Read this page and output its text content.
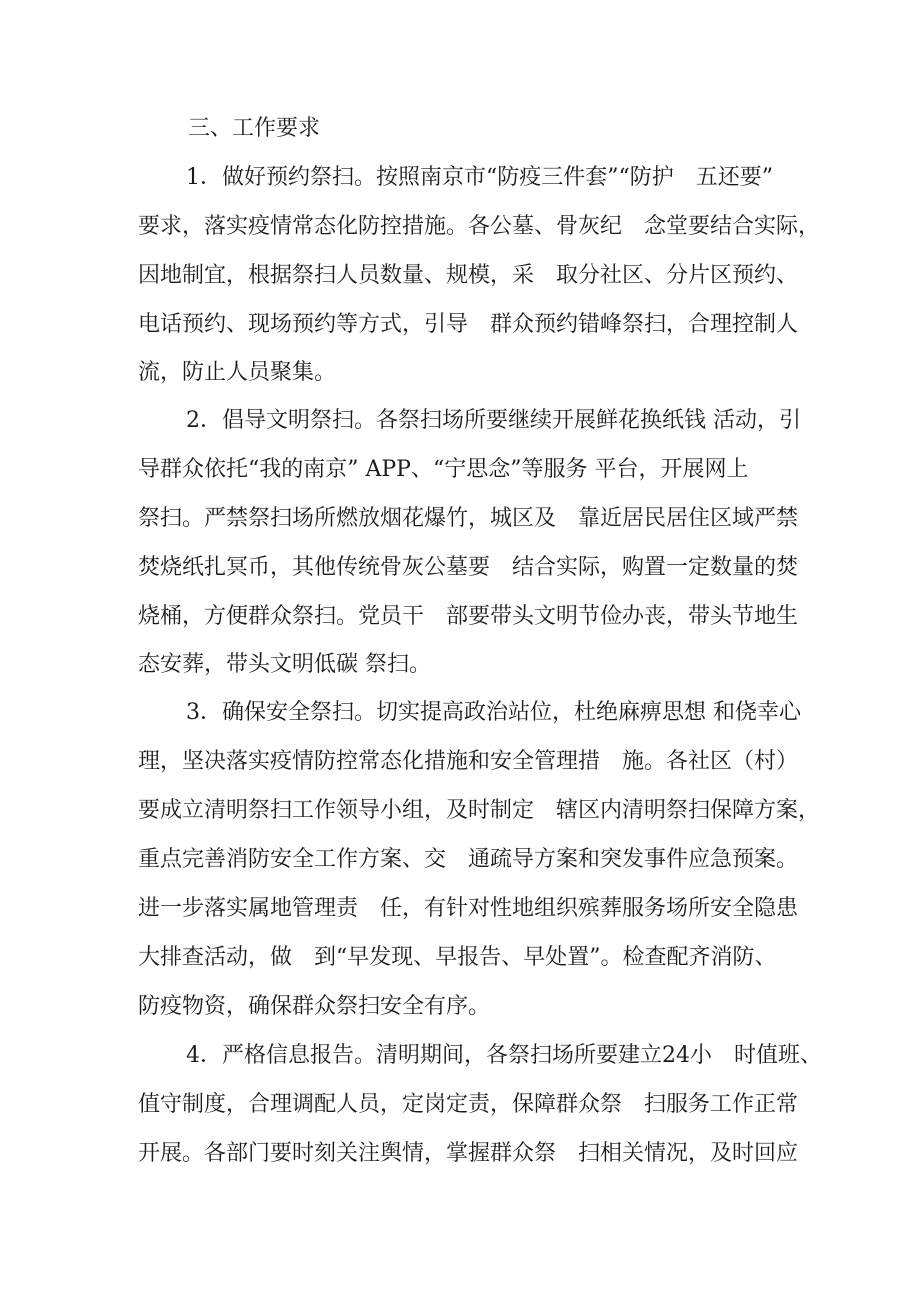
三、工作要求
1．做好预约祭扫。按照南京市“防疫三件套”“防护　五还要”
要求，落实疫情常态化防控措施。各公墓、骨灰纪　念堂要结合实际，
因地制宜，根据祭扫人员数量、规模，采　取分社区、分片区预约、
电话预约、现场预约等方式，引导　群众预约错峰祭扫，合理控制人
流，防止人员聚集。
2．倡导文明祭扫。各祭扫场所要继续开展鲜花换纸钱 活动，引
导群众依托“我的南京” APP、“宁思念”等服务 平台，开展网上
祭扫。严禁祭扫场所燃放烟花爆竹，城区及　靠近居民居住区域严禁
焚烧纸扎冥币，其他传统骨灰公墓要　结合实际，购置一定数量的焚
烧桶，方便群众祭扫。党员干　部要带头文明节俭办丧，带头节地生
态安葬，带头文明低碳 祭扫。
3．确保安全祭扫。切实提高政治站位，杜绝麻痹思想 和侥幸心
理，坚决落实疫情防控常态化措施和安全管理措　施。各社区（村）
要成立清明祭扫工作领导小组，及时制定　辖区内清明祭扫保障方案，
重点完善消防安全工作方案、交　通疏导方案和突发事件应急预案。
进一步落实属地管理责　任，有针对性地组织殡葬服务场所安全隐患
大排查活动，做　到“早发现、早报告、早处置”。检查配齐消防、
防疫物资，确保群众祭扫安全有序。
4．严格信息报告。清明期间，各祭扫场所要建立24小　时值班、
值守制度，合理调配人员，定岗定责，保障群众祭　扫服务工作正常
开展。各部门要时刻关注舆情，掌握群众祭　扫相关情况，及时回应
